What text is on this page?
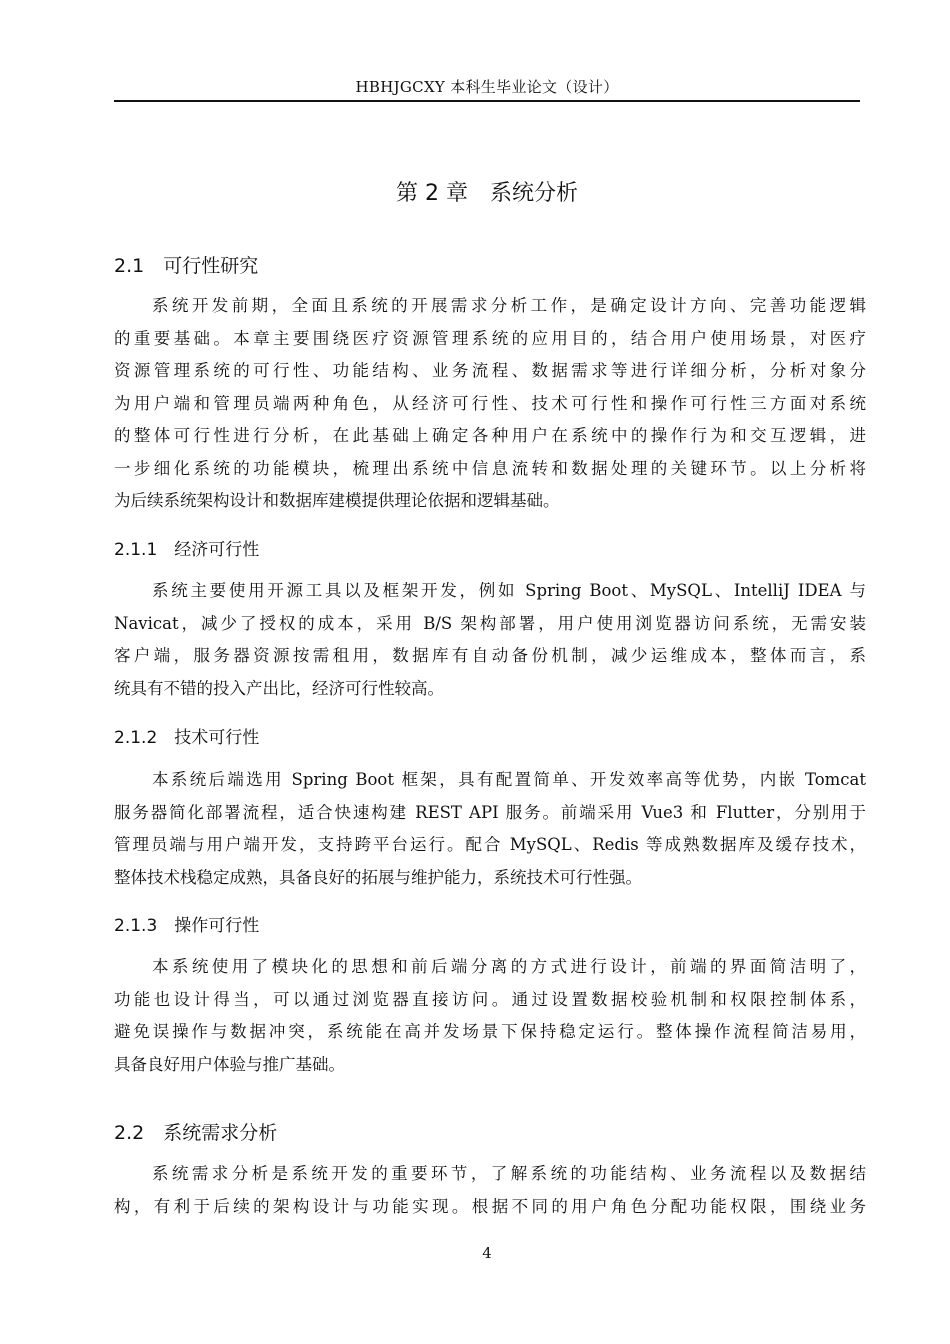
HBHJGCXY 本科生毕业论文（设计）
第 2 章　系统分析
2.1　可行性研究
系统开发前期，全面且系统的开展需求分析工作，是确定设计方向、完善功能逻辑
的重要基础。本章主要围绕医疗资源管理系统的应用目的，结合用户使用场景，对医疗
资源管理系统的可行性、功能结构、业务流程、数据需求等进行详细分析，分析对象分
为用户端和管理员端两种角色，从经济可行性、技术可行性和操作可行性三方面对系统
的整体可行性进行分析，在此基础上确定各种用户在系统中的操作行为和交互逻辑，进
一步细化系统的功能模块，梳理出系统中信息流转和数据处理的关键环节。以上分析将
为后续系统架构设计和数据库建模提供理论依据和逻辑基础。
2.1.1　经济可行性
系统主要使用开源工具以及框架开发，例如 Spring Boot、MySQL、IntelliJ IDEA 与
Navicat，减少了授权的成本，采用 B/S 架构部署，用户使用浏览器访问系统，无需安装
客户端，服务器资源按需租用，数据库有自动备份机制，减少运维成本，整体而言，系
统具有不错的投入产出比，经济可行性较高。
2.1.2　技术可行性
本系统后端选用 Spring Boot 框架，具有配置简单、开发效率高等优势，内嵌 Tomcat
服务器简化部署流程，适合快速构建 REST API 服务。前端采用 Vue3 和 Flutter，分别用于
管理员端与用户端开发，支持跨平台运行。配合 MySQL、Redis 等成熟数据库及缓存技术，
整体技术栈稳定成熟，具备良好的拓展与维护能力，系统技术可行性强。
2.1.3　操作可行性
本系统使用了模块化的思想和前后端分离的方式进行设计，前端的界面简洁明了，
功能也设计得当，可以通过浏览器直接访问。通过设置数据校验机制和权限控制体系，
避免误操作与数据冲突，系统能在高并发场景下保持稳定运行。整体操作流程简洁易用，
具备良好用户体验与推广基础。
2.2　系统需求分析
系统需求分析是系统开发的重要环节，了解系统的功能结构、业务流程以及数据结
构，有利于后续的架构设计与功能实现。根据不同的用户角色分配功能权限，围绕业务
4
